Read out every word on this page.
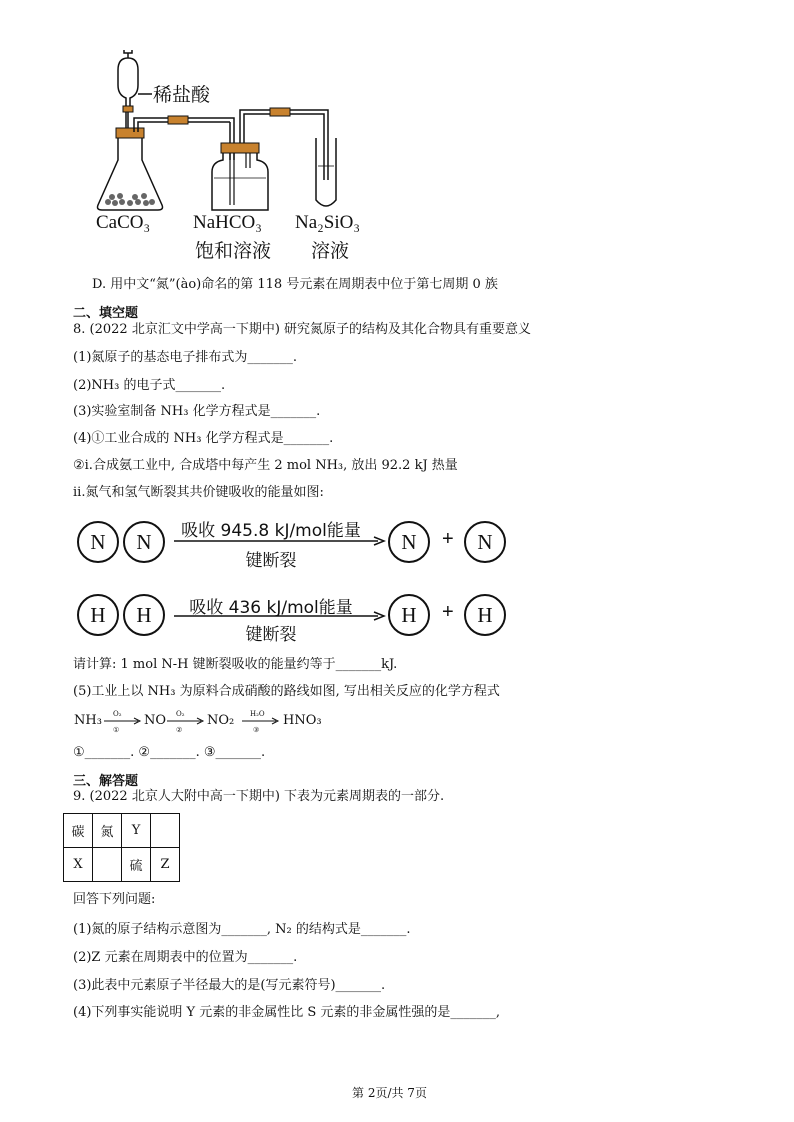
稀盐酸
CaCO₃ NaHCO₃
饱和溶液
Na₂SiO₃
溶液
D. 用中文“氮”(ào)命名的第 118 号元素在周期表中位于第七周期 0 族
二、填空题
8. (2022 北京汇文中学高一下期中) 研究氮原子的结构及其化合物具有重要意义
(1)氮原子的基态电子排布式为_______.
(2)NH₃ 的电子式_______.
(3)实验室制备 NH₃ 化学方程式是_______.
(4)①工业合成的 NH₃ 化学方程式是_______.
②i.合成氨工业中, 合成塔中每产生 2 mol NH₃, 放出 92.2 kJ 热量
ii.氮气和氢气断裂其共价键吸收的能量如图:
N	N	吸收 945.8 kJ/mol能量
键断裂
N	+	N
H	H	吸收 436 kJ/mol能量
键断裂
H	+	H
请计算: 1 mol N-H 键断裂吸收的能量约等于_______kJ.
(5)工业上以 NH₃ 为原料合成硝酸的路线如图, 写出相关反应的化学方程式
NH₃ O₂
①
NO O₂
②
NO₂ H₂O
③
HNO₃
①_______. ②_______. ③_______.
三、解答题
9. (2022 北京人大附中高一下期中) 下表为元素周期表的一部分.
碳	氮	Y	
X		硫	Z
回答下列问题:
(1)氮的原子结构示意图为_______, N₂ 的结构式是_______.
(2)Z 元素在周期表中的位置为_______.
(3)此表中元素原子半径最大的是(写元素符号)_______.
(4)下列事实能说明 Y 元素的非金属性比 S 元素的非金属性强的是_______,
第 2页/共 7页
